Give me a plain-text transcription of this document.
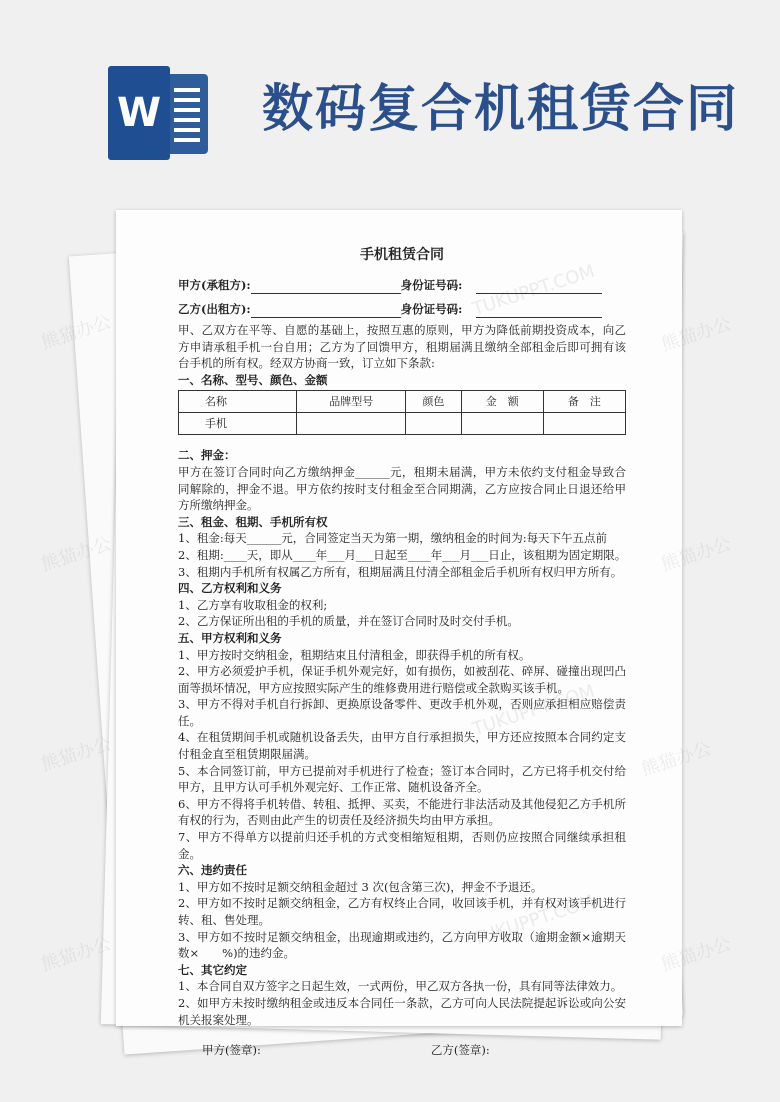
W 数码复合机租赁合同
熊猫办公
熊猫办公	熊猫办公
熊猫办公
熊猫办公	熊猫办公
手机租赁合同
甲方(承租方):	身份证号码:
乙方(出租方):	身份证号码:
甲、乙双方在平等、自愿的基础上，按照互惠的原则，甲方为降低前期投资成本，向乙方申请承租手机一台自用；乙方为了回馈甲方，租期届满且缴纳全部租金后即可拥有该台手机的所有权。经双方协商一致，订立如下条款:
一、名称、型号、颜色、金额
名称	品牌型号	颜色	金　额	备　注
手机				
二、押金：
甲方在签订合同时向乙方缴纳押金______元，租期未届满，甲方未依约支付租金导致合同解除的，押金不退。甲方依约按时支付租金至合同期满，乙方应按合同止日退还给甲方所缴纳押金。
三、租金、租期、手机所有权
1、租金:每天______元，合同签定当天为第一期，缴纳租金的时间为:每天下午五点前
2、租期:____天，即从____年___月___日起至____年___月___日止，该租期为固定期限。
3、租期内手机所有权属乙方所有，租期届满且付清全部租金后手机所有权归甲方所有。
四、乙方权利和义务
1、乙方享有收取租金的权利;
2、乙方保证所出租的手机的质量，并在签订合同时及时交付手机。
五、甲方权利和义务
1、甲方按时交纳租金，租期结束且付清租金，即获得手机的所有权。
2、甲方必须爱护手机，保证手机外观完好，如有损伤，如被刮花、碎屏、碰撞出现凹凸面等损坏情况，甲方应按照实际产生的维修费用进行赔偿或全款购买该手机。
3、甲方不得对手机自行拆卸、更换原设备零件、更改手机外观，否则应承担相应赔偿责任。
4、在租赁期间手机或随机设备丢失，由甲方自行承担损失，甲方还应按照本合同约定支付租金直至租赁期限届满。
5、本合同签订前，甲方已提前对手机进行了检查；签订本合同时，乙方已将手机交付给甲方，且甲方认可手机外观完好、工作正常、随机设备齐全。
6、甲方不得将手机转借、转租、抵押、买卖，不能进行非法活动及其他侵犯乙方手机所有权的行为，否则由此产生的切责任及经济损失均由甲方承担。
7、甲方不得单方以提前归还手机的方式变相缩短租期，否则仍应按照合同继续承担租金。
六、违约责任
1、甲方如不按时足额交纳租金超过 3 次(包含第三次)，押金不予退还。
2、甲方如不按时足额交纳租金，乙方有权终止合同，收回该手机，并有权对该手机进行转、租、售处理。
3、甲方如不按时足额交纳租金，出现逾期或违约，乙方向甲方收取（逾期金额×逾期天数×　　%)的违约金。
七、其它约定
1、本合同自双方签字之日起生效，一式两份，甲乙双方各执一份，具有同等法律效力。
2、如甲方未按时缴纳租金或违反本合同任一条款，乙方可向人民法院提起诉讼或向公安机关报案处理。
甲方(签章):	乙方(签章):
